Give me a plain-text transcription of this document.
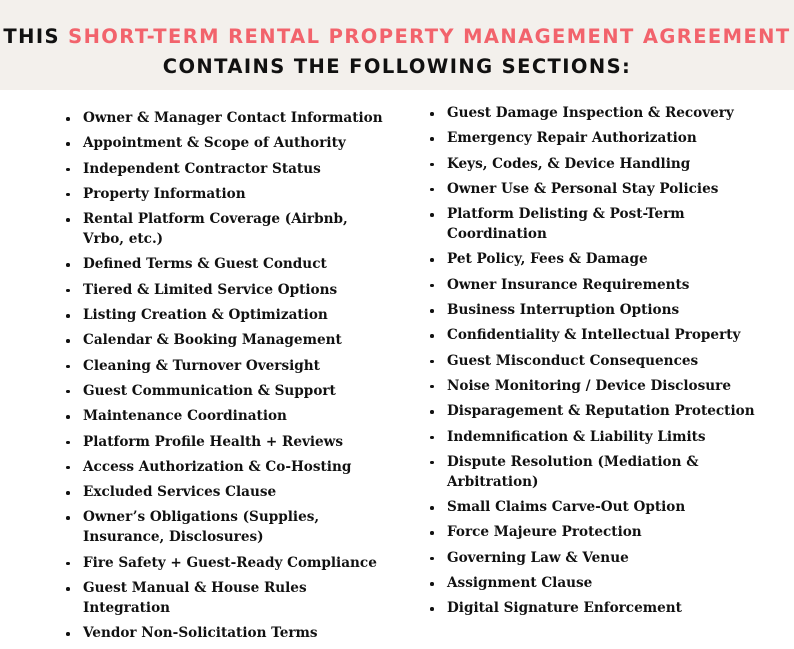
THIS SHORT-TERM RENTAL PROPERTY MANAGEMENT AGREEMENT
CONTAINS THE FOLLOWING SECTIONS:
Owner & Manager Contact Information
Appointment & Scope of Authority
Independent Contractor Status
Property Information
Rental Platform Coverage (Airbnb, Vrbo, etc.)
Defined Terms & Guest Conduct
Tiered & Limited Service Options
Listing Creation & Optimization
Calendar & Booking Management
Cleaning & Turnover Oversight
Guest Communication & Support
Maintenance Coordination
Platform Profile Health + Reviews
Access Authorization & Co-Hosting
Excluded Services Clause
Owner’s Obligations (Supplies, Insurance, Disclosures)
Fire Safety + Guest-Ready Compliance
Guest Manual & House Rules Integration
Vendor Non-Solicitation Terms
Guest Damage Inspection & Recovery
Emergency Repair Authorization
Keys, Codes, & Device Handling
Owner Use & Personal Stay Policies
Platform Delisting & Post-Term Coordination
Pet Policy, Fees & Damage
Owner Insurance Requirements
Business Interruption Options
Confidentiality & Intellectual Property
Guest Misconduct Consequences
Noise Monitoring / Device Disclosure
Disparagement & Reputation Protection
Indemnification & Liability Limits
Dispute Resolution (Mediation & Arbitration)
Small Claims Carve-Out Option
Force Majeure Protection
Governing Law & Venue
Assignment Clause
Digital Signature Enforcement
